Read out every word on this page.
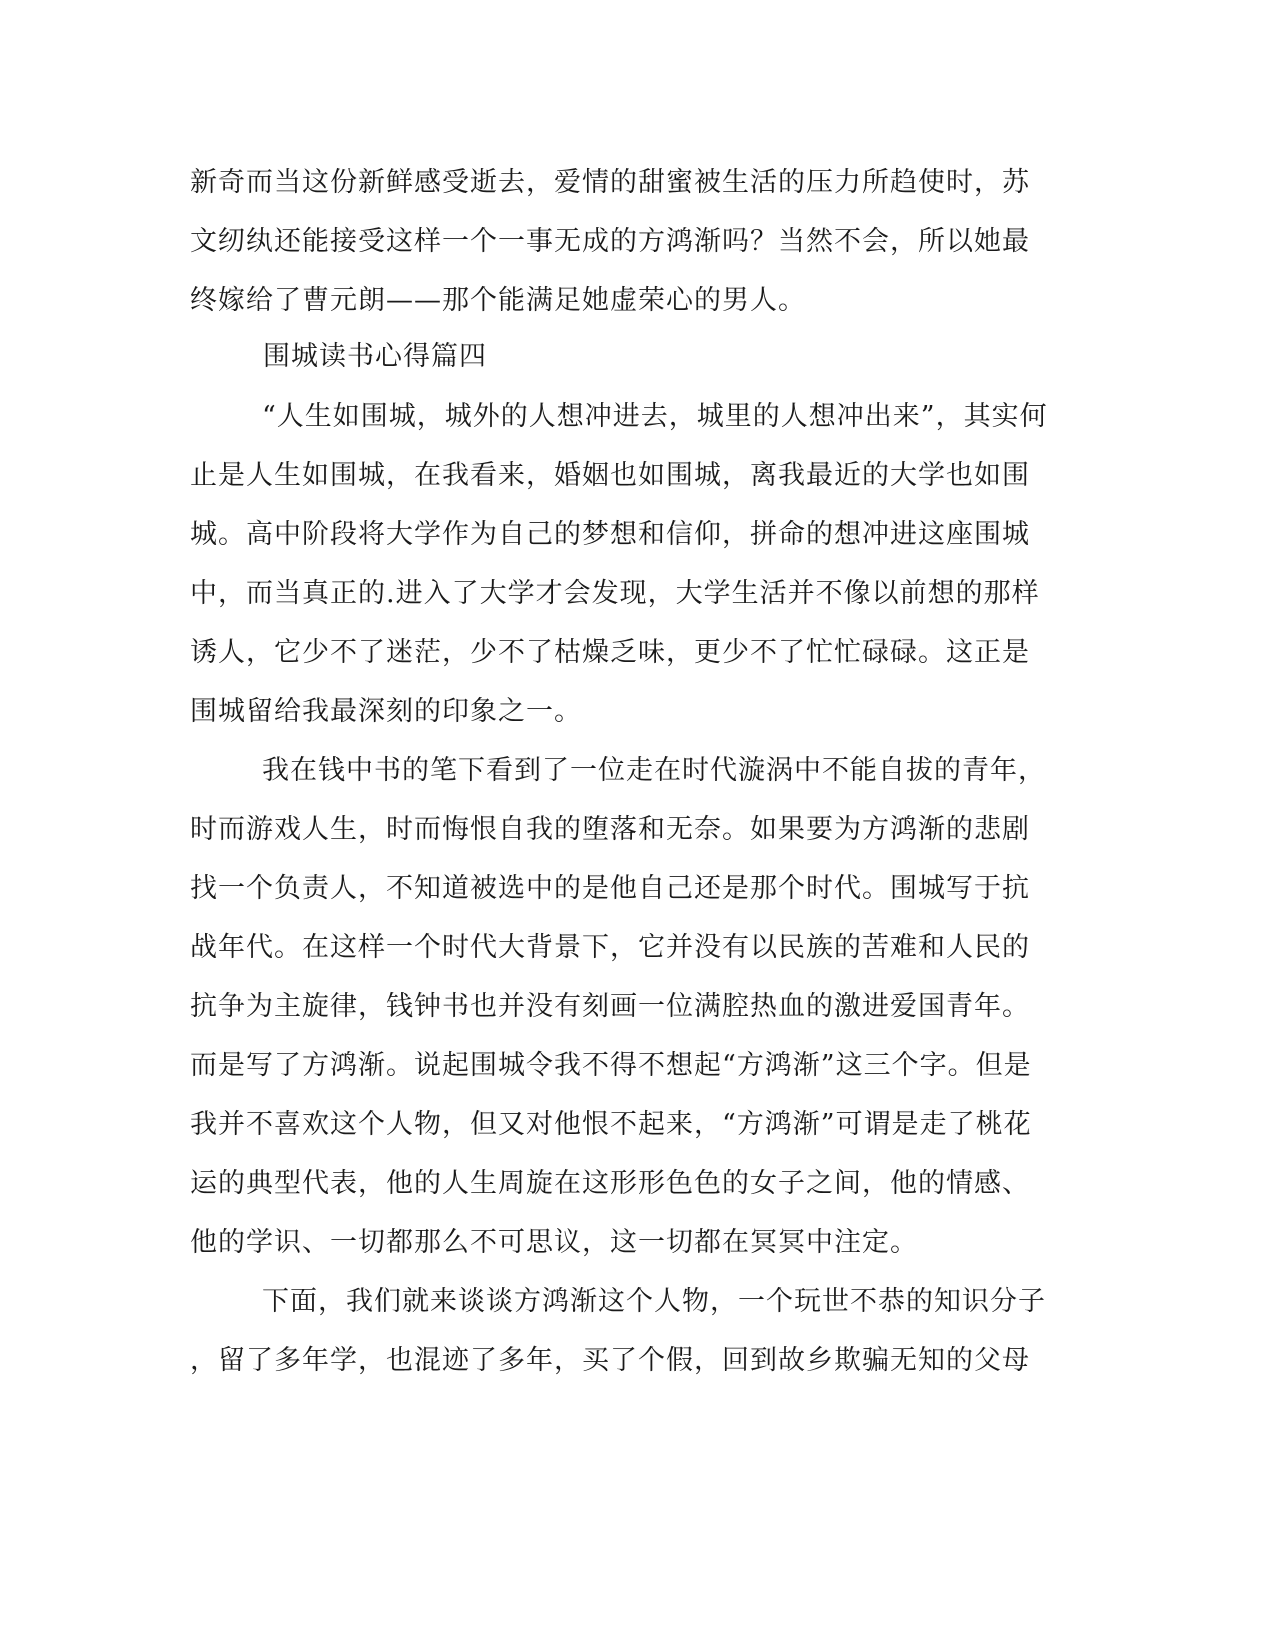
新奇而当这份新鲜感受逝去，爱情的甜蜜被生活的压力所趋使时，苏
文纫纨还能接受这样一个一事无成的方鸿渐吗？当然不会，所以她最
终嫁给了曹元朗——那个能满足她虚荣心的男人。
围城读书心得篇四
“人生如围城，城外的人想冲进去，城里的人想冲出来”，其实何
止是人生如围城，在我看来，婚姻也如围城，离我最近的大学也如围
城。高中阶段将大学作为自己的梦想和信仰，拼命的想冲进这座围城
中，而当真正的.进入了大学才会发现，大学生活并不像以前想的那样
诱人，它少不了迷茫，少不了枯燥乏味，更少不了忙忙碌碌。这正是
围城留给我最深刻的印象之一。
我在钱中书的笔下看到了一位走在时代漩涡中不能自拔的青年，
时而游戏人生，时而悔恨自我的堕落和无奈。如果要为方鸿渐的悲剧
找一个负责人，不知道被选中的是他自己还是那个时代。围城写于抗
战年代。在这样一个时代大背景下，它并没有以民族的苦难和人民的
抗争为主旋律，钱钟书也并没有刻画一位满腔热血的激进爱国青年。
而是写了方鸿渐。说起围城令我不得不想起“方鸿渐”这三个字。但是
我并不喜欢这个人物，但又对他恨不起来，“方鸿渐”可谓是走了桃花
运的典型代表，他的人生周旋在这形形色色的女子之间，他的情感、
他的学识、一切都那么不可思议，这一切都在冥冥中注定。
下面，我们就来谈谈方鸿渐这个人物，一个玩世不恭的知识分子
，留了多年学，也混迹了多年，买了个假，回到故乡欺骗无知的父母
